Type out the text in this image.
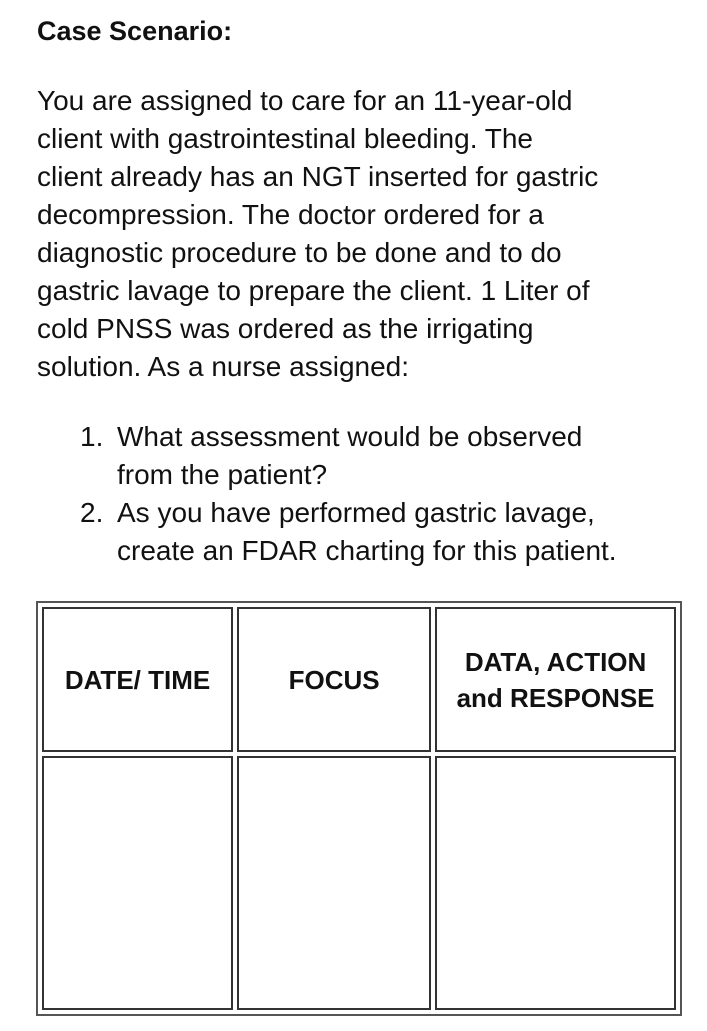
Case Scenario:

You are assigned to care for an 11-year-old
client with gastrointestinal bleeding. The
client already has an NGT inserted for gastric
decompression. The doctor ordered for a
diagnostic procedure to be done and to do
gastric lavage to prepare the client. 1 Liter of
cold PNSS was ordered as the irrigating
solution. As a nurse assigned:

1. What assessment would be observed
from the patient?
2. As you have performed gastric lavage,
create an FDAR charting for this patient.
DATE/ TIME	FOCUS	DATA, ACTION
and RESPONSE
